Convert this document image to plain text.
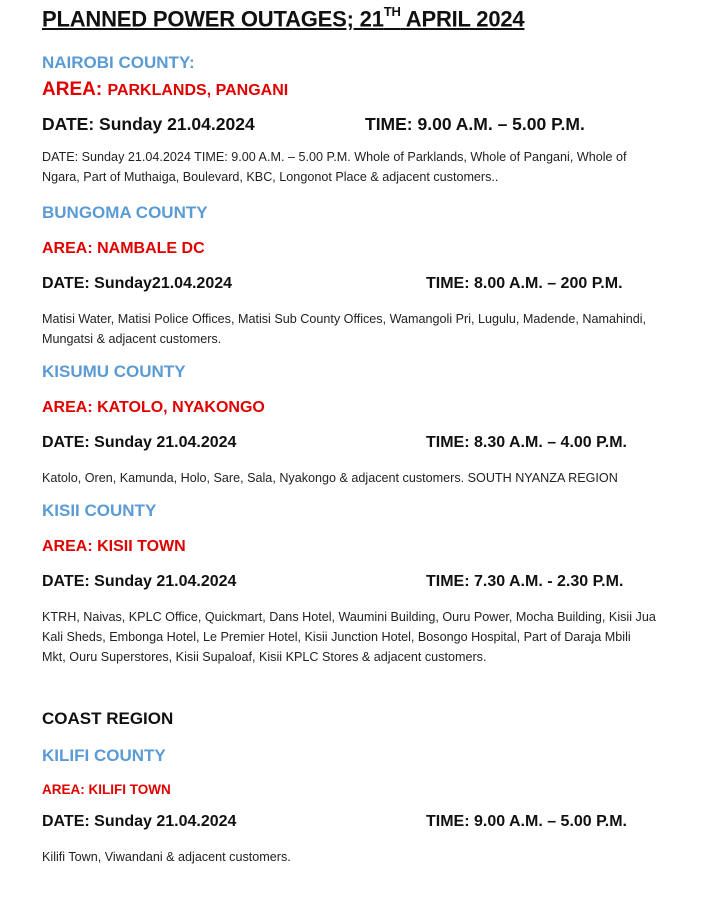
PLANNED POWER OUTAGES; 21TH APRIL 2024
NAIROBI COUNTY:
AREA: PARKLANDS, PANGANI
DATE: Sunday 21.04.2024	TIME: 9.00 A.M. – 5.00 P.M.
DATE: Sunday 21.04.2024 TIME: 9.00 A.M. – 5.00 P.M. Whole of Parklands, Whole of Pangani, Whole of Ngara, Part of Muthaiga, Boulevard, KBC, Longonot Place & adjacent customers..
BUNGOMA COUNTY
AREA: NAMBALE DC
DATE: Sunday21.04.2024	TIME: 8.00 A.M. – 200 P.M.
Matisi Water, Matisi Police Offices, Matisi Sub County Offices, Wamangoli Pri, Lugulu, Madende, Namahindi, Mungatsi & adjacent customers.
KISUMU COUNTY
AREA: KATOLO, NYAKONGO
DATE: Sunday 21.04.2024	TIME: 8.30 A.M. – 4.00 P.M.
Katolo, Oren, Kamunda, Holo, Sare, Sala, Nyakongo & adjacent customers. SOUTH NYANZA REGION
KISII COUNTY
AREA: KISII TOWN
DATE: Sunday 21.04.2024	TIME: 7.30 A.M. - 2.30 P.M.
KTRH, Naivas, KPLC Office, Quickmart, Dans Hotel, Waumini Building, Ouru Power, Mocha Building, Kisii Jua Kali Sheds, Embonga Hotel, Le Premier Hotel, Kisii Junction Hotel, Bosongo Hospital, Part of Daraja Mbili Mkt, Ouru Superstores, Kisii Supaloaf, Kisii KPLC Stores & adjacent customers.
COAST REGION
KILIFI COUNTY
AREA: KILIFI TOWN
DATE: Sunday 21.04.2024	TIME: 9.00 A.M. – 5.00 P.M.
Kilifi Town, Viwandani & adjacent customers.
